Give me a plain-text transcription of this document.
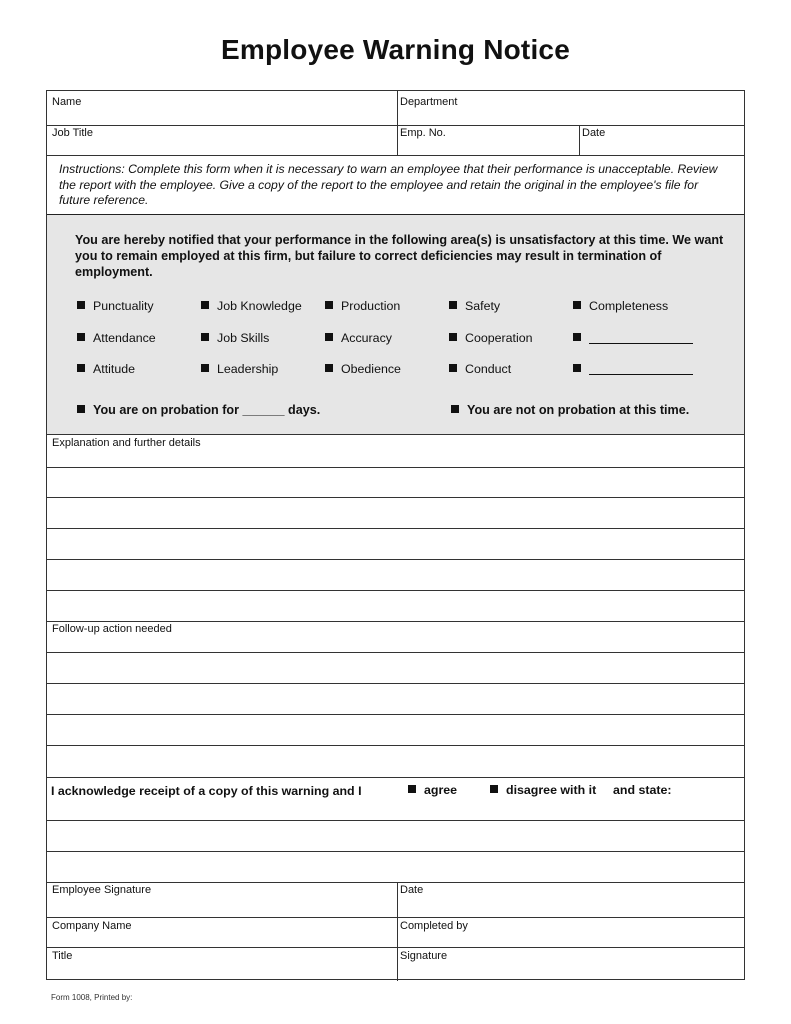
Employee Warning Notice
Name	Department
Job Title	Emp. No.	Date
Instructions: Complete this form when it is necessary to warn an employee that their performance is unacceptable. Review the report with the employee. Give a copy of the report to the employee and retain the original in the employee's file for future reference.
You are hereby notified that your performance in the following area(s) is unsatisfactory at this time. We want you to remain employed at this firm, but failure to correct deficiencies may result in termination of employment.
Punctuality	Job Knowledge	Production	Safety	Completeness
Attendance	Job Skills	Accuracy	Cooperation
Attitude	Leadership	Obedience	Conduct
You are on probation for ______ days.	You are not on probation at this time.
Explanation and further details
Follow-up action needed
I acknowledge receipt of a copy of this warning and I	agree	disagree with it and state:
Employee Signature	Date
Company Name	Completed by
Title	Signature
Form 1008, Printed by:
